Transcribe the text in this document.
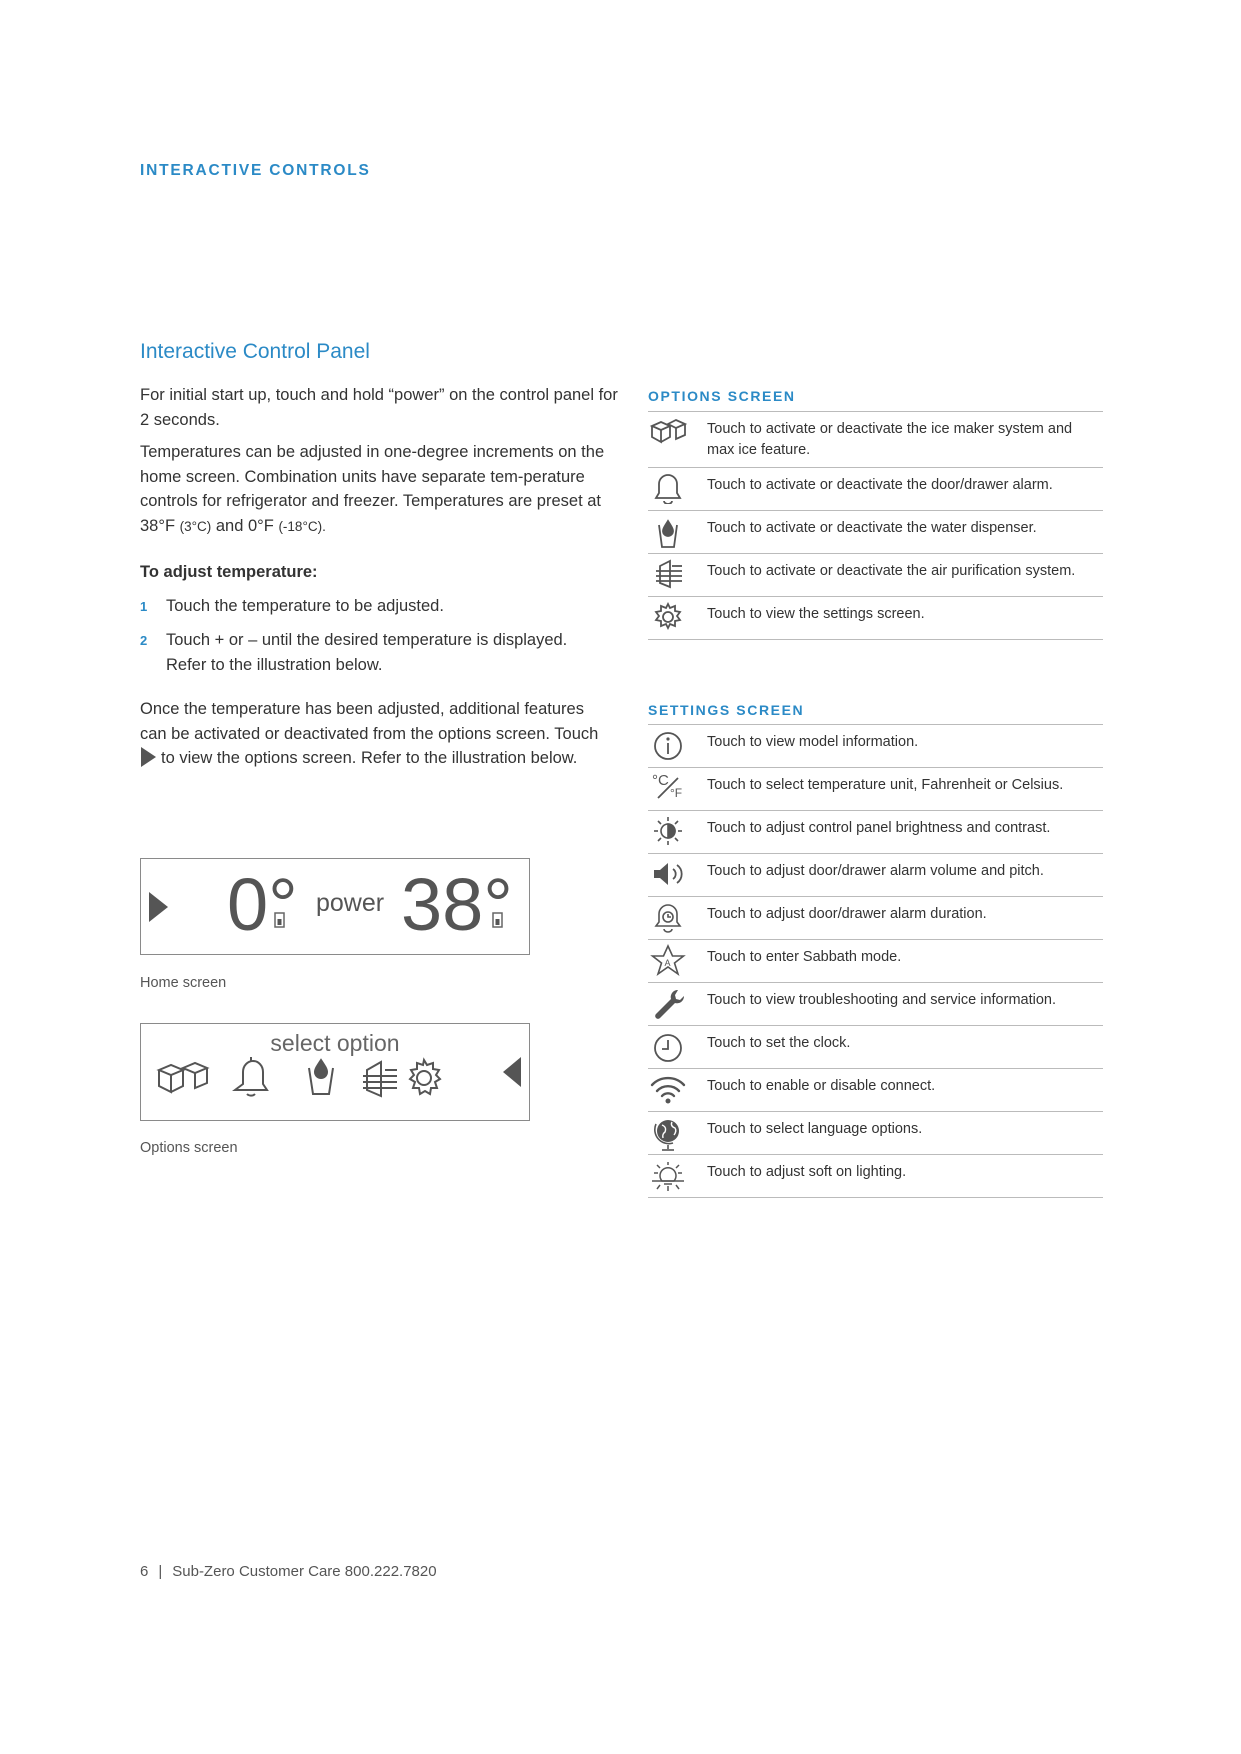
INTERACTIVE CONTROLS
Interactive Control Panel

For initial start up, touch and hold “power” on the control panel for 2 seconds.

Temperatures can be adjusted in one-degree increments on the home screen. Combination units have separate tem-perature controls for refrigerator and freezer. Temperatures are preset at 38°F (3°C) and 0°F (-18°C).

To adjust temperature:
1 Touch the temperature to be adjusted.
2 Touch + or – until the desired temperature is displayed. Refer to the illustration below.

Once the temperature has been adjusted, additional features can be activated or deactivated from the options screen. Touchto view the options screen. Refer to the illustration below.

0° power 38°
Home screen
select option
Options screen
OPTIONS SCREEN
Touch to activate or deactivate the ice maker system and max ice feature.
Touch to activate or deactivate the door/drawer alarm.
Touch to activate or deactivate the water dispenser.
Touch to activate or deactivate the air purification system.
Touch to view the settings screen.
SETTINGS SCREEN
Touch to view model information.
°C
°F Touch to select temperature unit, Fahrenheit or Celsius.
Touch to adjust control panel brightness and contrast.
Touch to adjust door/drawer alarm volume and pitch.
Touch to adjust door/drawer alarm duration.
A	Touch to enter Sabbath mode.
Touch to view troubleshooting and service information.
Touch to set the clock.
Touch to enable or disable connect.
Touch to select language options.
Touch to adjust soft on lighting.
6 | Sub-Zero Customer Care 800.222.7820
